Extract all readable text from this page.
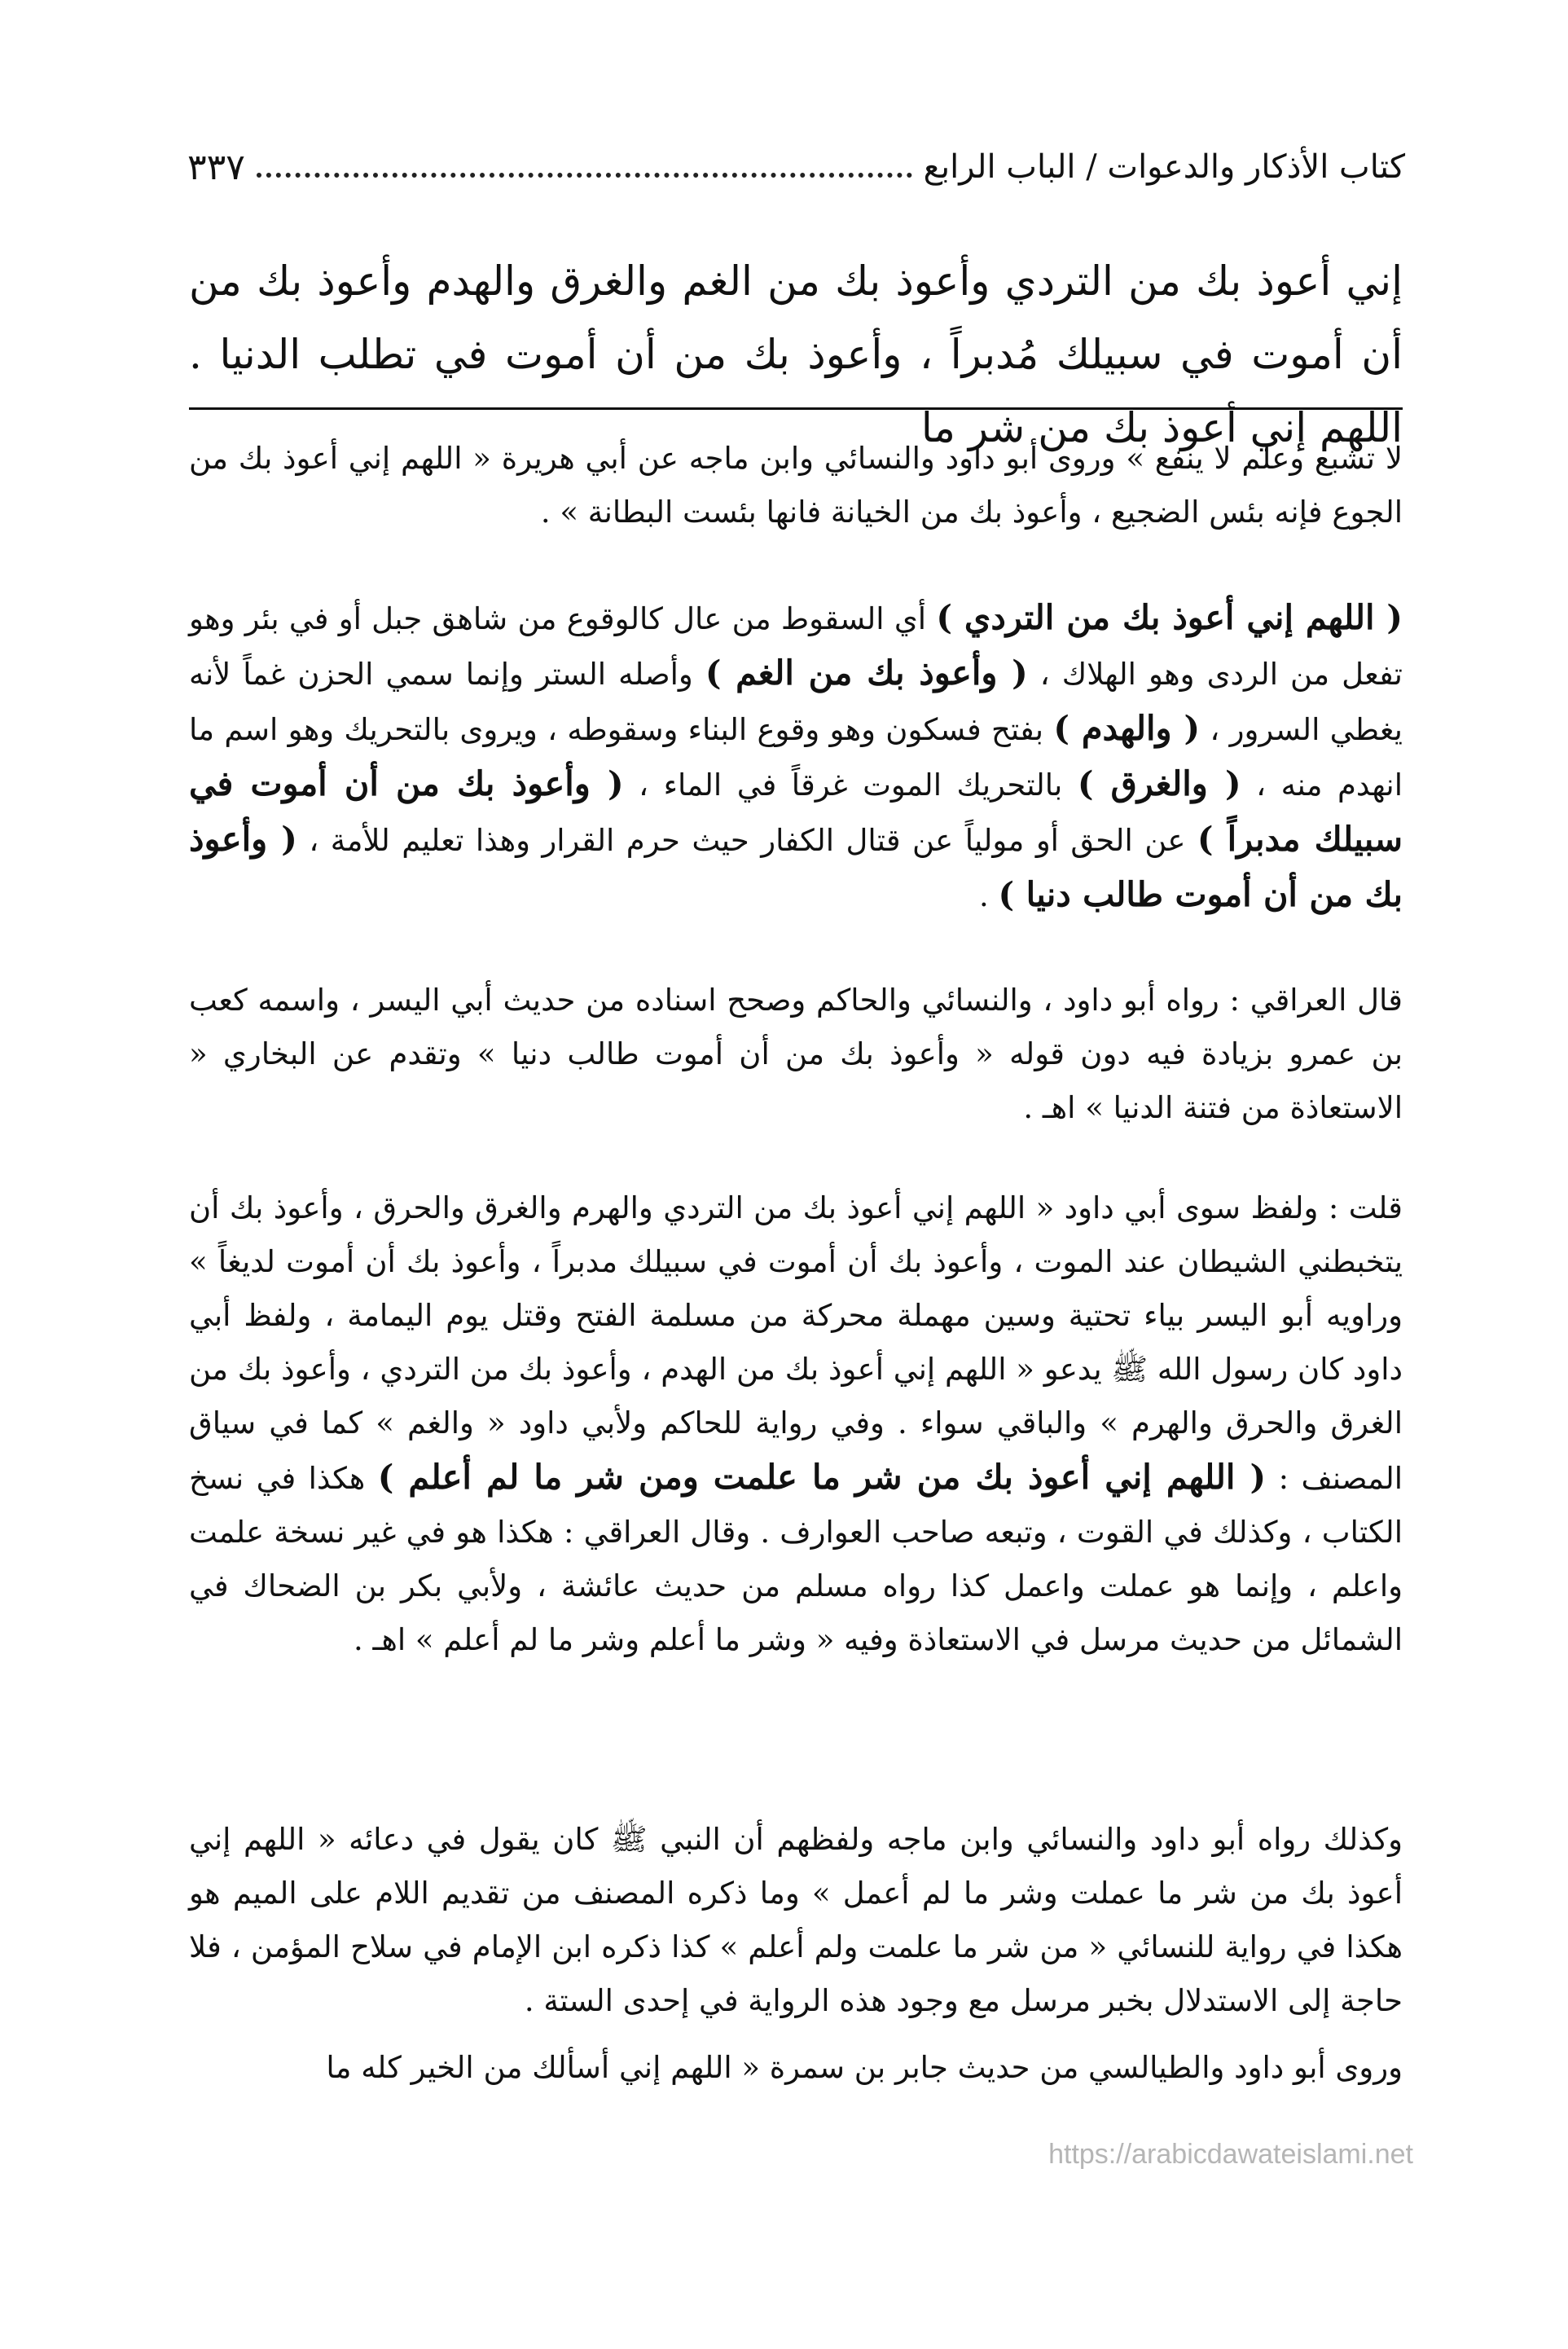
كتاب الأذكار والدعوات / الباب الرابع
٣٣٧
إني أعوذ بك من التردي وأعوذ بك من الغم والغرق والهدم وأعوذ بك من أن أموت في سبيلك مُدبراً ، وأعوذ بك من أن أموت في تطلب الدنيا . اللهم إني أعوذ بك من شر ما

لا تشبع وعلم لا ينفع » وروى أبو داود والنسائي وابن ماجه عن أبي هريرة « اللهم إني أعوذ بك من الجوع فإنه بئس الضجيع ، وأعوذ بك من الخيانة فانها بئست البطانة » .

( اللهم إني أعوذ بك من التردي ) أي السقوط من عال كالوقوع من شاهق جبل أو في بئر وهو تفعل من الردى وهو الهلاك ، ( وأعوذ بك من الغم ) وأصله الستر وإنما سمي الحزن غماً لأنه يغطي السرور ، ( والهدم ) بفتح فسكون وهو وقوع البناء وسقوطه ، ويروى بالتحريك وهو اسم ما انهدم منه ، ( والغرق ) بالتحريك الموت غرقاً في الماء ، ( وأعوذ بك من أن أموت في سبيلك مدبراً ) عن الحق أو مولياً عن قتال الكفار حيث حرم القرار وهذا تعليم للأمة ، ( وأعوذ بك من أن أموت طالب دنيا ) .

قال العراقي : رواه أبو داود ، والنسائي والحاكم وصحح اسناده من حديث أبي اليسر ، واسمه كعب بن عمرو بزيادة فيه دون قوله « وأعوذ بك من أن أموت طالب دنيا » وتقدم عن البخاري « الاستعاذة من فتنة الدنيا » اهـ .

قلت : ولفظ سوى أبي داود « اللهم إني أعوذ بك من التردي والهرم والغرق والحرق ، وأعوذ بك أن يتخبطني الشيطان عند الموت ، وأعوذ بك أن أموت في سبيلك مدبراً ، وأعوذ بك أن أموت لديغاً » وراويه أبو اليسر بياء تحتية وسين مهملة محركة من مسلمة الفتح وقتل يوم اليمامة ، ولفظ أبي داود كان رسول الله ﷺ يدعو « اللهم إني أعوذ بك من الهدم ، وأعوذ بك من التردي ، وأعوذ بك من الغرق والحرق والهرم » والباقي سواء . وفي رواية للحاكم ولأبي داود « والغم » كما في سياق المصنف : ( اللهم إني أعوذ بك من شر ما علمت ومن شر ما لم أعلم ) هكذا في نسخ الكتاب ، وكذلك في القوت ، وتبعه صاحب العوارف . وقال العراقي : هكذا هو في غير نسخة علمت واعلم ، وإنما هو عملت واعمل كذا رواه مسلم من حديث عائشة ، ولأبي بكر بن الضحاك في الشمائل من حديث مرسل في الاستعاذة وفيه « وشر ما أعلم وشر ما لم أعلم » اهـ .

وكذلك رواه أبو داود والنسائي وابن ماجه ولفظهم أن النبي ﷺ كان يقول في دعائه « اللهم إني أعوذ بك من شر ما عملت وشر ما لم أعمل » وما ذكره المصنف من تقديم اللام على الميم هو هكذا في رواية للنسائي « من شر ما علمت ولم أعلم » كذا ذكره ابن الإمام في سلاح المؤمن ، فلا حاجة إلى الاستدلال بخبر مرسل مع وجود هذه الرواية في إحدى الستة .

وروى أبو داود والطيالسي من حديث جابر بن سمرة « اللهم إني أسألك من الخير كله ما

https://arabicdawateislami.net
